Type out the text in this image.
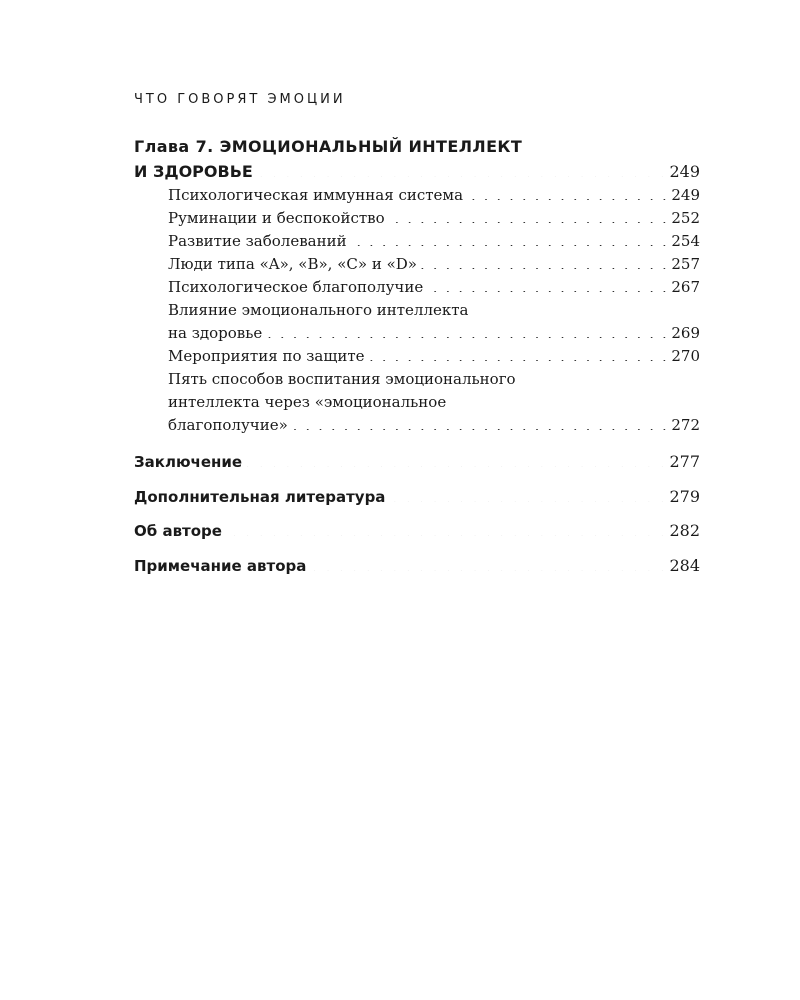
ЧТО ГОВОРЯТ ЭМОЦИИ
Глава 7. ЭМОЦИОНАЛЬНЫЙ ИНТЕЛЛЕКТ
И ЗДОРОВЬЕ . . .	249
Психологическая иммунная система . . .	249
Руминации и беспокойство . . .	252
Развитие заболеваний . . .	254
Люди типа «A», «B», «C» и «D» . . .	257
Психологическое благополучие . . .	267
Влияние эмоционального интеллекта
на здоровье . . .	269
Мероприятия по защите . . .	270
Пять способов воспитания эмоционального
интеллекта через «эмоциональное
благополучие» . . .	272
Заключение . . .	277
Дополнительная литература . . .	279
Об авторе . . .	282
Примечание автора . . .	284
